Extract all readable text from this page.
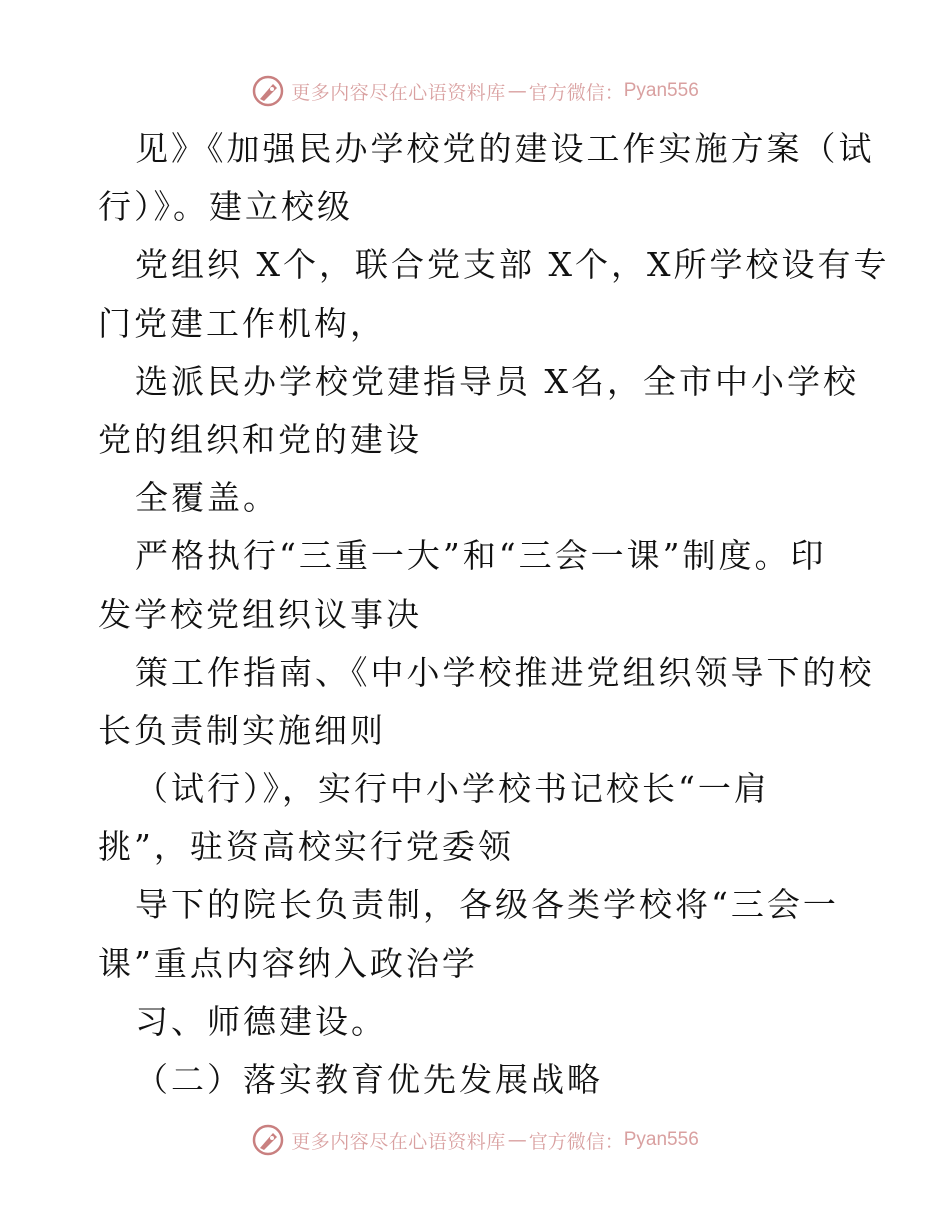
更多内容尽在心语资料库 — 官方微信： Pyan556
见》《加强民办学校党的建设工作实施方案（试
行）》。建立校级
党组织 X个，联合党支部 X个，X所学校设有专
门党建工作机构，
选派民办学校党建指导员 X名，全市中小学校
党的组织和党的建设
全覆盖。
严格执行“三重一大”和“三会一课”制度。印
发学校党组织议事决
策工作指南、《中小学校推进党组织领导下的校
长负责制实施细则
（试行）》，实行中小学校书记校长“一肩
挑”，驻资高校实行党委领
导下的院长负责制，各级各类学校将“三会一
课”重点内容纳入政治学
习、师德建设。
（二）落实教育优先发展战略
更多内容尽在心语资料库 — 官方微信： Pyan556
